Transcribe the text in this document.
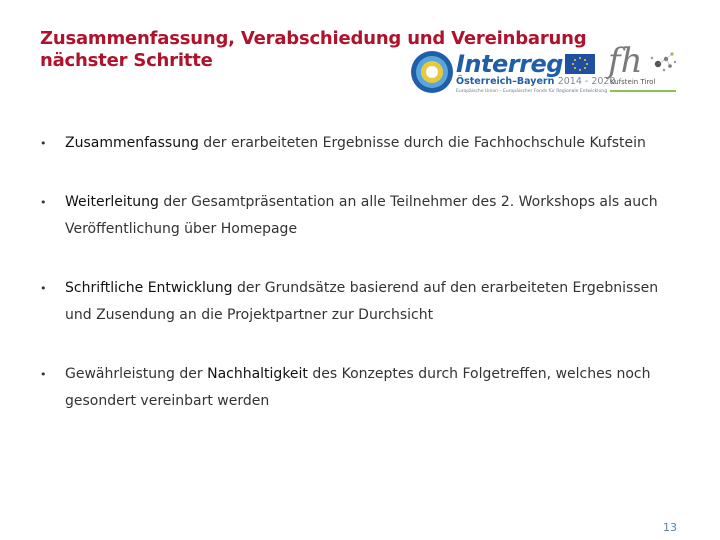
Zusammenfassung, Verabschiedung und Vereinbarung
nächster Schritte	Interreg
Österreich–Bayern 2014 - 2020
Europäische Union – Europäischer Fonds für Regionale Entwicklung
fh
Kufstein Tirol
• Zusammenfassung der erarbeiteten Ergebnisse durch die Fachhochschule Kufstein
• Weiterleitung der Gesamtpräsentation an alle Teilnehmer des 2. Workshops als auch Veröffentlichung über Homepage
• Schriftliche Entwicklung der Grundsätze basierend auf den erarbeiteten Ergebnissen und Zusendung an die Projektpartner zur Durchsicht
• Gewährleistung der Nachhaltigkeit des Konzeptes durch Folgetreffen, welches noch gesondert vereinbart werden
13
